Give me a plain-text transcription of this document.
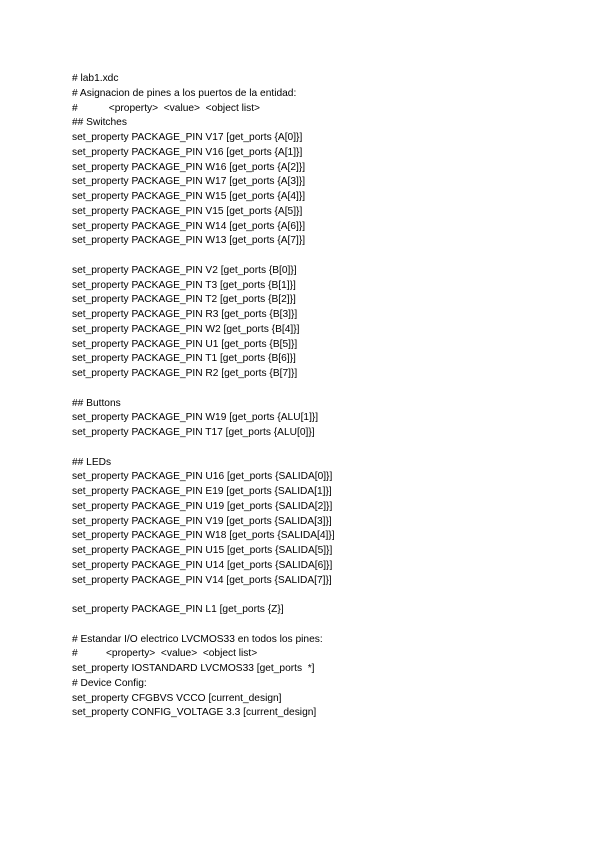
# lab1.xdc
# Asignacion de pines a los puertos de la entidad:
#           <property>  <value>  <object list>
## Switches
set_property PACKAGE_PIN V17 [get_ports {A[0]}]
set_property PACKAGE_PIN V16 [get_ports {A[1]}]
set_property PACKAGE_PIN W16 [get_ports {A[2]}]
set_property PACKAGE_PIN W17 [get_ports {A[3]}]
set_property PACKAGE_PIN W15 [get_ports {A[4]}]
set_property PACKAGE_PIN V15 [get_ports {A[5]}]
set_property PACKAGE_PIN W14 [get_ports {A[6]}]
set_property PACKAGE_PIN W13 [get_ports {A[7]}]
set_property PACKAGE_PIN V2 [get_ports {B[0]}]
set_property PACKAGE_PIN T3 [get_ports {B[1]}]
set_property PACKAGE_PIN T2 [get_ports {B[2]}]
set_property PACKAGE_PIN R3 [get_ports {B[3]}]
set_property PACKAGE_PIN W2 [get_ports {B[4]}]
set_property PACKAGE_PIN U1 [get_ports {B[5]}]
set_property PACKAGE_PIN T1 [get_ports {B[6]}]
set_property PACKAGE_PIN R2 [get_ports {B[7]}]
## Buttons
set_property PACKAGE_PIN W19 [get_ports {ALU[1]}]
set_property PACKAGE_PIN T17 [get_ports {ALU[0]}]
## LEDs
set_property PACKAGE_PIN U16 [get_ports {SALIDA[0]}]
set_property PACKAGE_PIN E19 [get_ports {SALIDA[1]}]
set_property PACKAGE_PIN U19 [get_ports {SALIDA[2]}]
set_property PACKAGE_PIN V19 [get_ports {SALIDA[3]}]
set_property PACKAGE_PIN W18 [get_ports {SALIDA[4]}]
set_property PACKAGE_PIN U15 [get_ports {SALIDA[5]}]
set_property PACKAGE_PIN U14 [get_ports {SALIDA[6]}]
set_property PACKAGE_PIN V14 [get_ports {SALIDA[7]}]
set_property PACKAGE_PIN L1 [get_ports {Z}]
# Estandar I/O electrico LVCMOS33 en todos los pines:
#          <property>  <value>  <object list>
set_property IOSTANDARD LVCMOS33 [get_ports  *]
# Device Config:
set_property CFGBVS VCCO [current_design]
set_property CONFIG_VOLTAGE 3.3 [current_design]
